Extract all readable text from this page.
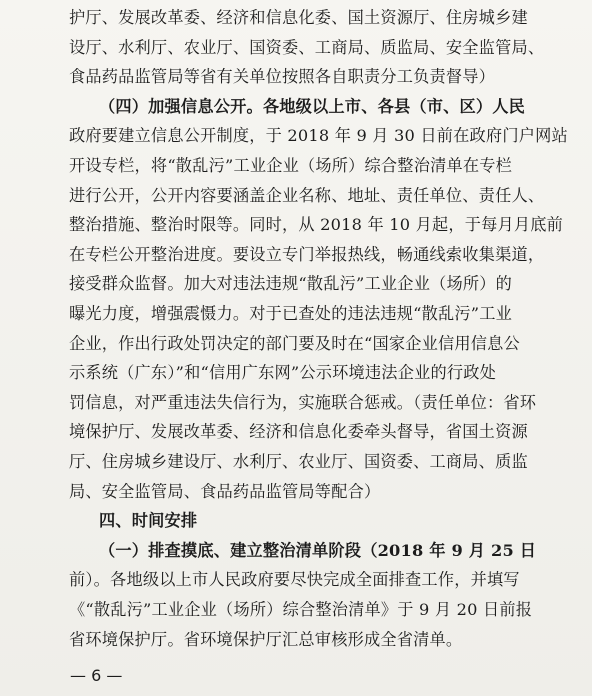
护厅、发展改革委、经济和信息化委、国土资源厅、住房城乡建
设厅、水利厅、农业厅、国资委、工商局、质监局、安全监管局、
食品药品监管局等省有关单位按照各自职责分工负责督导）
（四）加强信息公开。各地级以上市、各县（市、区）人民
政府要建立信息公开制度，于 2018 年 9 月 30 日前在政府门户网站
开设专栏，将“散乱污”工业企业（场所）综合整治清单在专栏
进行公开，公开内容要涵盖企业名称、地址、责任单位、责任人、
整治措施、整治时限等。同时，从 2018 年 10 月起，于每月月底前
在专栏公开整治进度。要设立专门举报热线，畅通线索收集渠道，
接受群众监督。加大对违法违规“散乱污”工业企业（场所）的
曝光力度，增强震慑力。对于已查处的违法违规“散乱污”工业
企业，作出行政处罚决定的部门要及时在“国家企业信用信息公
示系统（广东）”和“信用广东网”公示环境违法企业的行政处
罚信息，对严重违法失信行为，实施联合惩戒。（责任单位：省环
境保护厅、发展改革委、经济和信息化委牵头督导，省国土资源
厅、住房城乡建设厅、水利厅、农业厅、国资委、工商局、质监
局、安全监管局、食品药品监管局等配合）
四、时间安排
（一）排查摸底、建立整治清单阶段（2018 年 9 月 25 日
— 6 —
前）。各地级以上市人民政府要尽快完成全面排查工作，并填写
《“散乱污”工业企业（场所）综合整治清单》于 9 月 20 日前报
省环境保护厅。省环境保护厅汇总审核形成全省清单。
